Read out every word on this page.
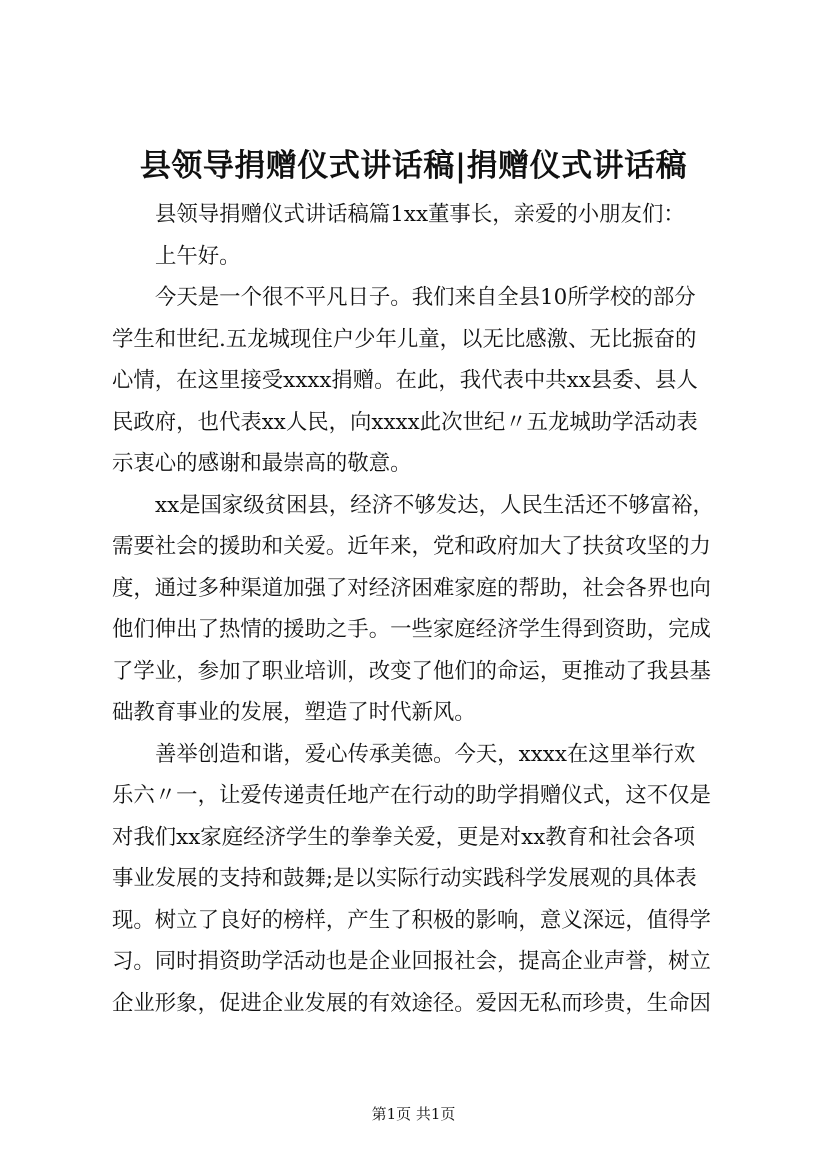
县领导捐赠仪式讲话稿|捐赠仪式讲话稿
县领导捐赠仪式讲话稿篇1xx董事长，亲爱的小朋友们：
上午好。
今天是一个很不平凡日子。我们来自全县10所学校的部分
学生和世纪.五龙城现住户少年儿童，以无比感激、无比振奋的
心情，在这里接受xxxx捐赠。在此，我代表中共xx县委、县人
民政府，也代表xx人民，向xxxx此次世纪〃五龙城助学活动表
示衷心的感谢和最崇高的敬意。
xx是国家级贫困县，经济不够发达，人民生活还不够富裕，
需要社会的援助和关爱。近年来，党和政府加大了扶贫攻坚的力
度，通过多种渠道加强了对经济困难家庭的帮助，社会各界也向
他们伸出了热情的援助之手。一些家庭经济学生得到资助，完成
了学业，参加了职业培训，改变了他们的命运，更推动了我县基
础教育事业的发展，塑造了时代新风。
善举创造和谐，爱心传承美德。今天，xxxx在这里举行欢
乐六〃一，让爱传递责任地产在行动的助学捐赠仪式，这不仅是
对我们xx家庭经济学生的拳拳关爱，更是对xx教育和社会各项
事业发展的支持和鼓舞;是以实际行动实践科学发展观的具体表
现。树立了良好的榜样，产生了积极的影响，意义深远，值得学
习。同时捐资助学活动也是企业回报社会，提高企业声誉，树立
企业形象，促进企业发展的有效途径。爱因无私而珍贵，生命因
第1页 共1页
